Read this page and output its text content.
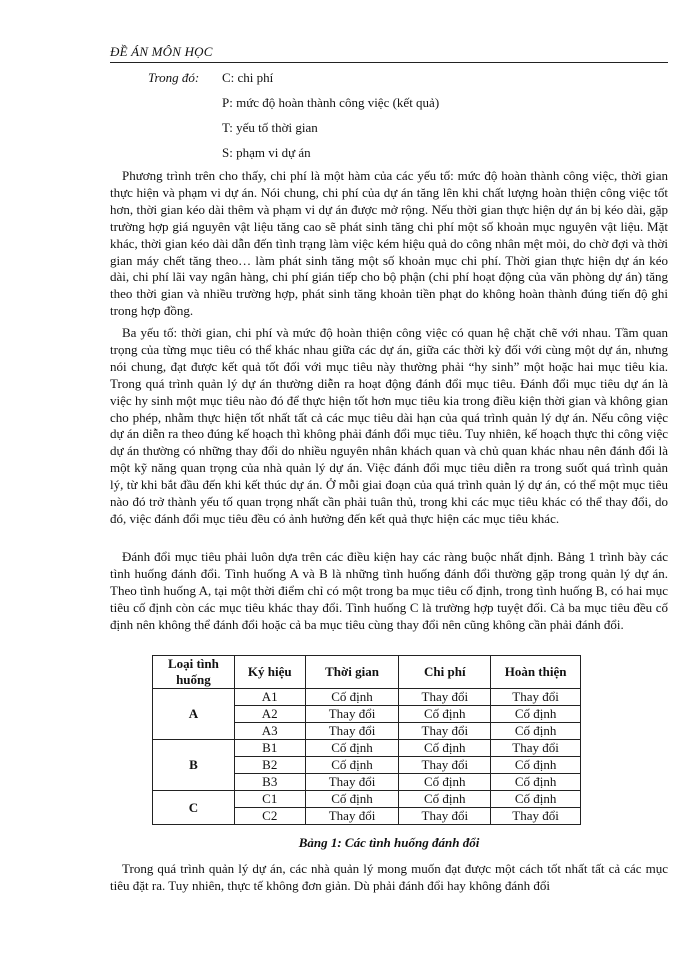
ĐỀ ÁN MÔN HỌC
Trong đó:	C: chi phí
P: mức độ hoàn thành công việc (kết quả)
T: yếu tố thời gian
S: phạm vi dự án

Phương trình trên cho thấy, chi phí là một hàm của các yếu tố: mức độ hoàn thành công việc, thời gian thực hiện và phạm vi dự án. Nói chung, chi phí của dự án tăng lên khi chất lượng hoàn thiện công việc tốt hơn, thời gian kéo dài thêm và phạm vi dự án được mở rộng. Nếu thời gian thực hiện dự án bị kéo dài, gặp trường hợp giá nguyên vật liệu tăng cao sẽ phát sinh tăng chi phí một số khoản mục nguyên vật liệu. Mặt khác, thời gian kéo dài dẫn đến tình trạng làm việc kém hiệu quả do công nhân mệt mỏi, do chờ đợi và thời gian máy chết tăng theo… làm phát sinh tăng một số khoản mục chi phí. Thời gian thực hiện dự án kéo dài, chi phí lãi vay ngân hàng, chi phí gián tiếp cho bộ phận (chi phí hoạt động của văn phòng dự án) tăng theo thời gian và nhiều trường hợp, phát sinh tăng khoản tiền phạt do không hoàn thành đúng tiến độ ghi trong hợp đồng.

Ba yếu tố: thời gian, chi phí và mức độ hoàn thiện công việc có quan hệ chặt chẽ với nhau. Tầm quan trọng của từng mục tiêu có thể khác nhau giữa các dự án, giữa các thời kỳ đối với cùng một dự án, nhưng nói chung, đạt được kết quả tốt đối với mục tiêu này thường phải “hy sinh” một hoặc hai mục tiêu kia. Trong quá trình quản lý dự án thường diễn ra hoạt động đánh đổi mục tiêu. Đánh đổi mục tiêu dự án là việc hy sinh một mục tiêu nào đó để thực hiện tốt hơn mục tiêu kia trong điều kiện thời gian và không gian cho phép, nhằm thực hiện tốt nhất tất cả các mục tiêu dài hạn của quá trình quản lý dự án. Nếu công việc dự án diễn ra theo đúng kế hoạch thì không phải đánh đổi mục tiêu. Tuy nhiên, kế hoạch thực thi công việc dự án thường có những thay đổi do nhiều nguyên nhân khách quan và chủ quan khác nhau nên đánh đổi là một kỹ năng quan trọng của nhà quản lý dự án. Việc đánh đổi mục tiêu diễn ra trong suốt quá trình quản lý, từ khi bắt đầu đến khi kết thúc dự án. Ở mỗi giai đoạn của quá trình quản lý dự án, có thể một mục tiêu nào đó trở thành yếu tố quan trọng nhất cần phải tuân thủ, trong khi các mục tiêu khác có thể thay đổi, do đó, việc đánh đổi mục tiêu đều có ảnh hưởng đến kết quả thực hiện các mục tiêu khác.

Đánh đổi mục tiêu phải luôn dựa trên các điều kiện hay các ràng buộc nhất định. Bảng 1 trình bày các tình huống đánh đổi. Tình huống A và B là những tình huống đánh đổi thường gặp trong quản lý dự án. Theo tình huống A, tại một thời điểm chỉ có một trong ba mục tiêu cố định, trong tình huống B, có hai mục tiêu cố định còn các mục tiêu khác thay đổi. Tình huống C là trường hợp tuyệt đối. Cả ba mục tiêu đều cố định nên không thể đánh đổi hoặc cả ba mục tiêu cùng thay đổi nên cũng không cần phải đánh đổi.

Loại tình huống	Ký hiệu	Thời gian	Chi phí	Hoàn thiện
A	A1	Cố định	Thay đổi	Thay đổi
	A2	Thay đổi	Cố định	Cố định
	A3	Thay đổi	Thay đổi	Cố định
B	B1	Cố định	Cố định	Thay đổi
	B2	Cố định	Thay đổi	Cố định
	B3	Thay đổi	Cố định	Cố định
C	C1	Cố định	Cố định	Cố định
	C2	Thay đổi	Thay đổi	Thay đổi
Bảng 1: Các tình huống đánh đổi

Trong quá trình quản lý dự án, các nhà quản lý mong muốn đạt được một cách tốt nhất tất cả các mục tiêu đặt ra. Tuy nhiên, thực tế không đơn giản. Dù phải đánh đổi hay không đánh đổi
